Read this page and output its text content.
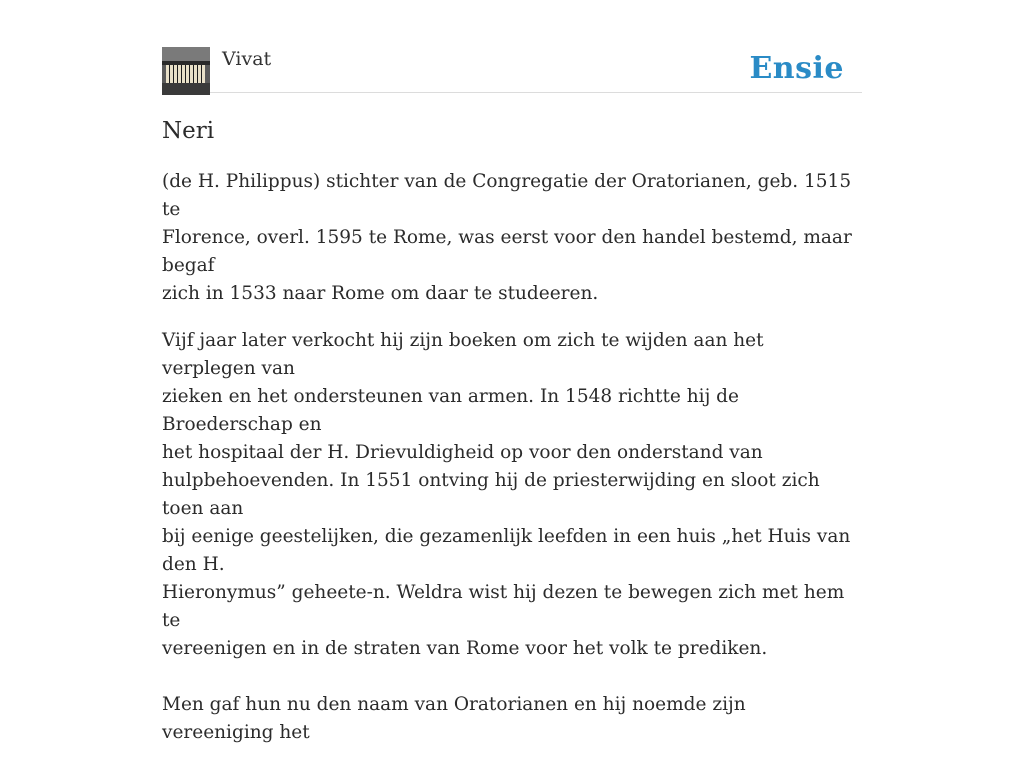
Vivat	Ensie
Neri

(de H. Philippus) stichter van de Congregatie der Oratorianen, geb. 1515 te
Florence, overl. 1595 te Rome, was eerst voor den handel bestemd, maar begaf
zich in 1533 naar Rome om daar te studeeren.

Vijf jaar later verkocht hij zijn boeken om zich te wijden aan het verplegen van
zieken en het ondersteunen van armen. In 1548 richtte hij de Broederschap en
het hospitaal der H. Drievuldigheid op voor den onderstand van
hulpbehoevenden. In 1551 ontving hij de priesterwijding en sloot zich toen aan
bij eenige geestelijken, die gezamenlijk leefden in een huis „het Huis van den H.
Hieronymus” geheete-n. Weldra wist hij dezen te bewegen zich met hem te
vereenigen en in de straten van Rome voor het volk te prediken.

Men gaf hun nu den naam van Oratorianen en hij noemde zijn vereeniging het
